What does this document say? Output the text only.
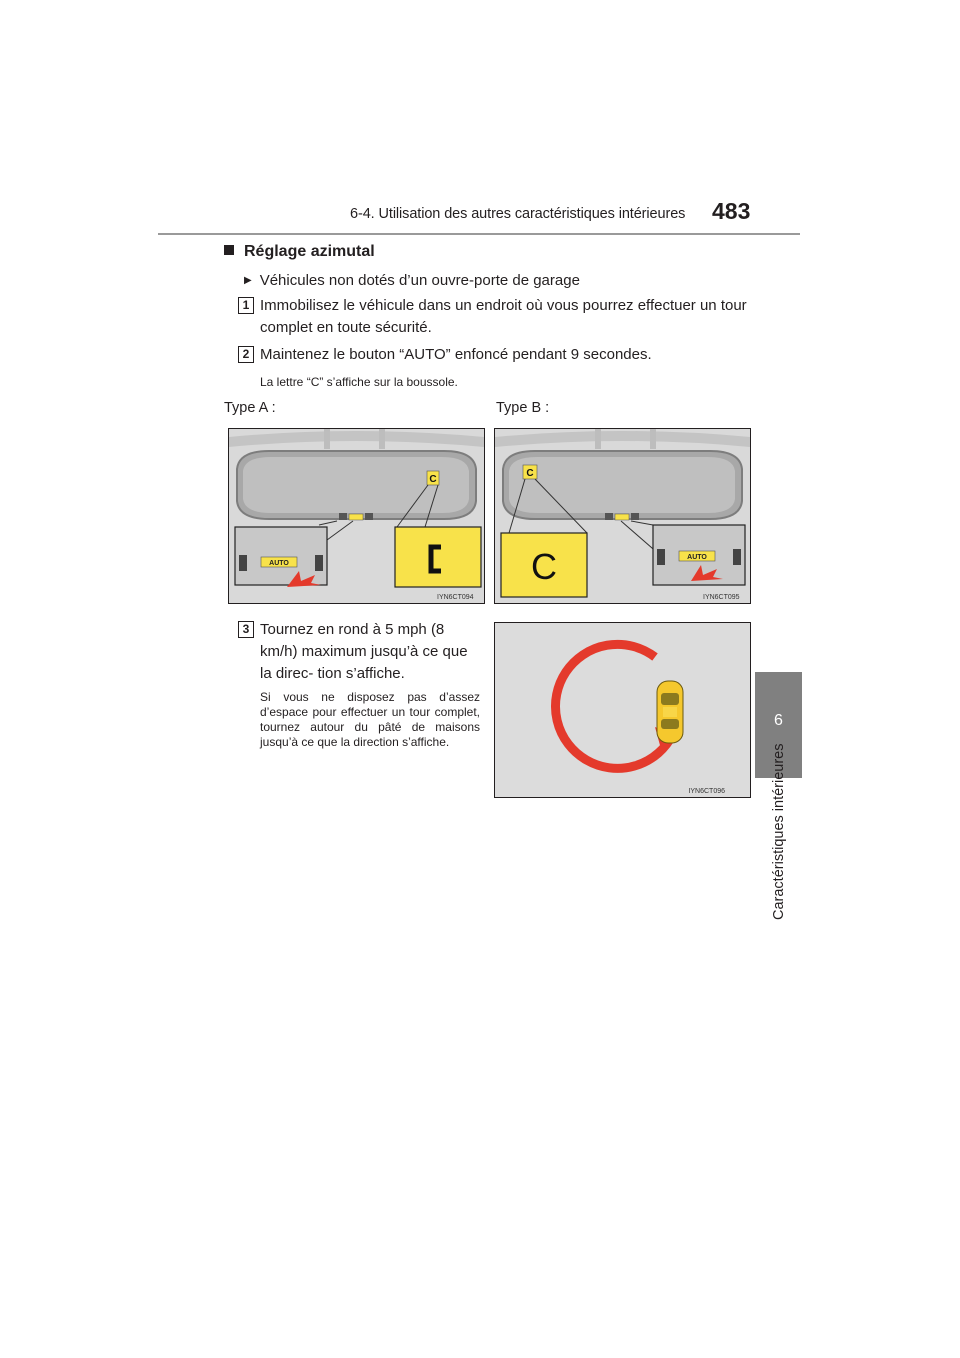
6-4. Utilisation des autres caractéristiques intérieures 483
6
Caractéristiques intérieures
Réglage azimutal
▶ Véhicules non dotés d’un ouvre-porte de garage
1 Immobilisez le véhicule dans un endroit où vous pourrez effectuer un tour complet en toute sécurité.
2 Maintenez le bouton “AUTO” enfoncé pendant 9 secondes.
La lettre “C” s’affiche sur la boussole.
Type A :	Type B :
C
AUTO
IYN6CT094
C
C	AUTO
IYN6CT095
3 Tournez en rond à 5 mph (8 km/h) maximum jusqu’à ce que la direc- tion s’affiche.
Si vous ne disposez pas d’assez d’espace pour effectuer un tour complet, tournez autour du pâté de maisons jusqu’à ce que la direction s’affiche.
IYN6CT096
